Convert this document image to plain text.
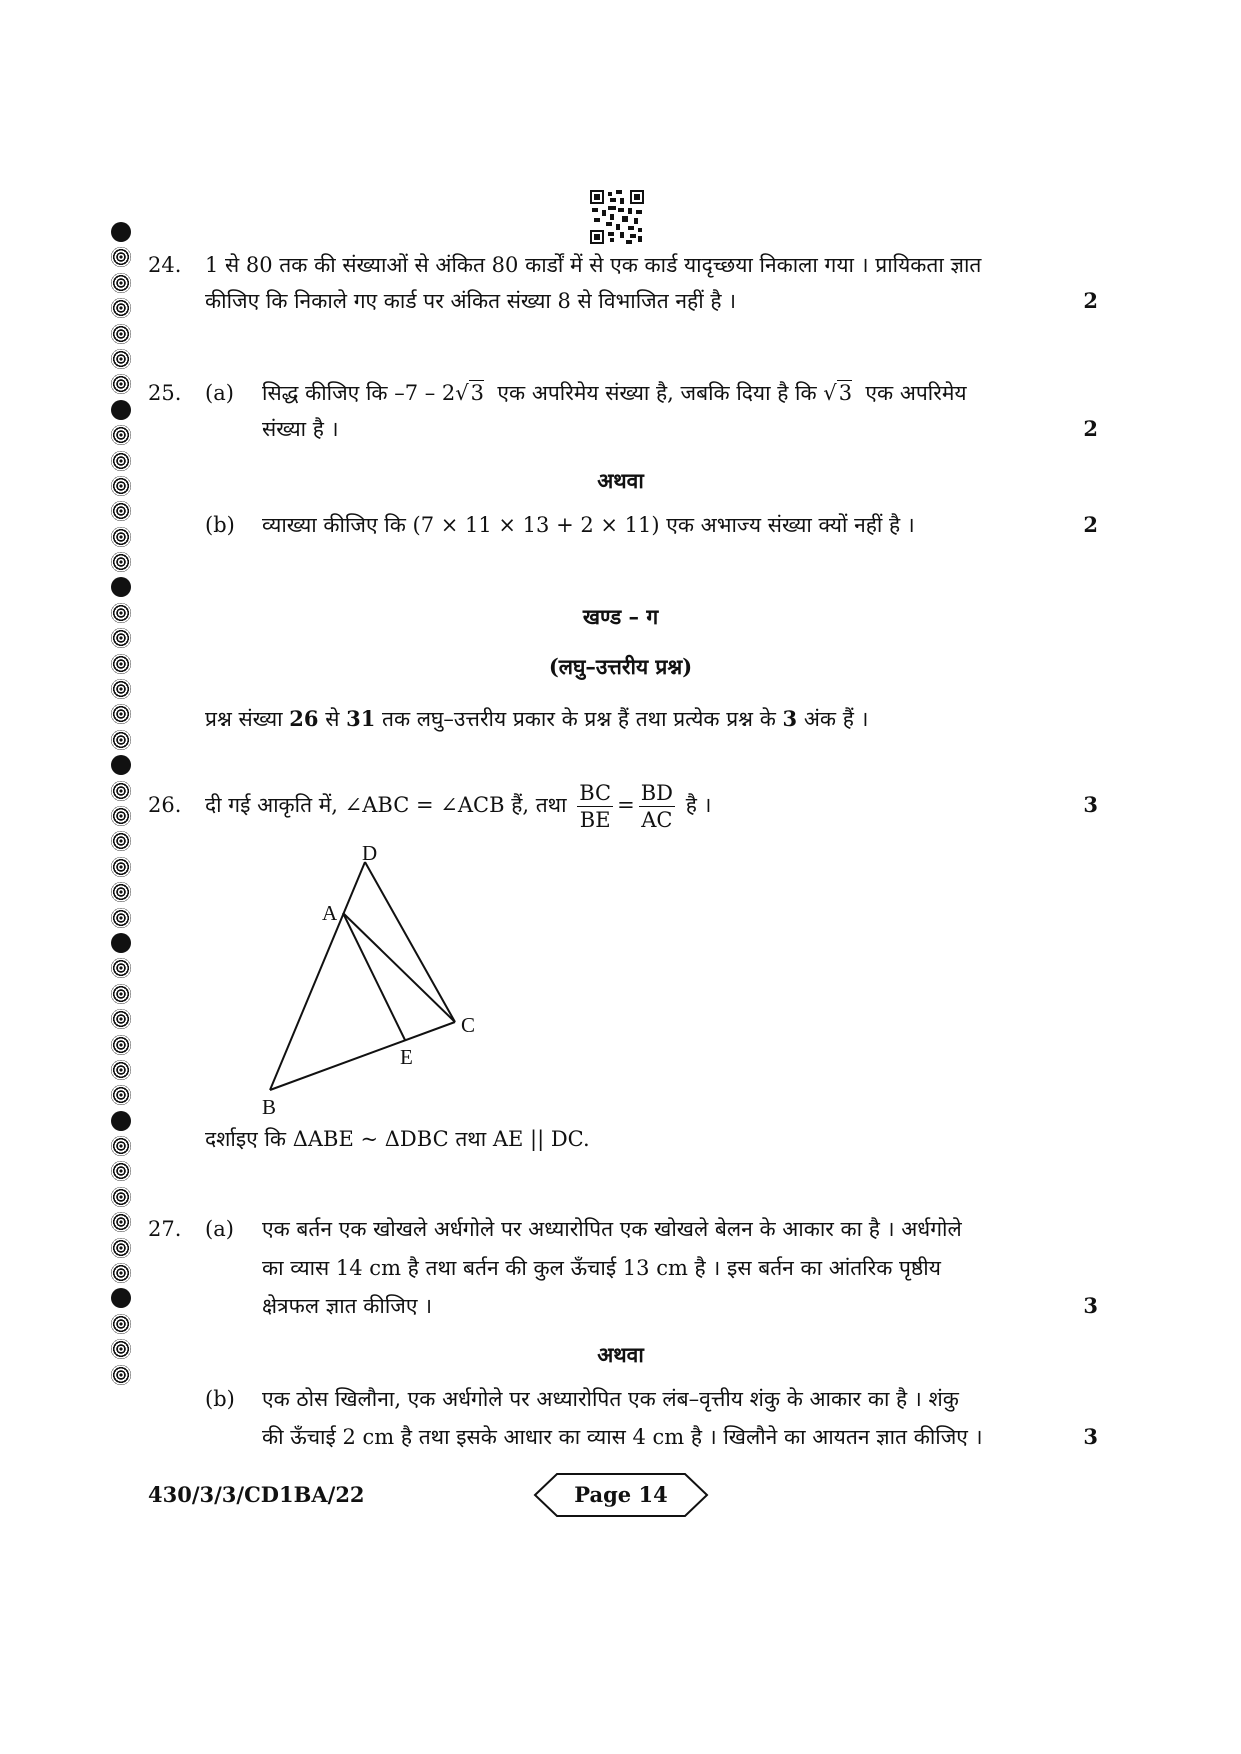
24. 1 से 80 तक की संख्याओं से अंकित 80 कार्डों में से एक कार्ड यादृच्छया निकाला गया । प्रायिकता ज्ञात
कीजिए कि निकाले गए कार्ड पर अंकित संख्या 8 से विभाजित नहीं है ।	2
25. (a) सिद्ध कीजिए कि –7 – 2√3 एक अपरिमेय संख्या है, जबकि दिया है कि √3 एक अपरिमेय
संख्या है ।	2
अथवा
(b) व्याख्या कीजिए कि (7 × 11 × 13 + 2 × 11) एक अभाज्य संख्या क्यों नहीं है ।	2
खण्ड – ग
(लघु–उत्तरीय प्रश्न)
प्रश्न संख्या 26 से 31 तक लघु–उत्तरीय प्रकार के प्रश्न हैं तथा प्रत्येक प्रश्न के 3 अंक हैं ।
26. दी गई आकृति में, ∠ABC = ∠ACB हैं, तथा $\frac{BC}{BE} = \frac{BD}{AC}$ है ।	3
D
A
C
E
B
दर्शाइए कि ΔABE ~ ΔDBC तथा AE || DC.
27. (a) एक बर्तन एक खोखले अर्धगोले पर अध्यारोपित एक खोखले बेलन के आकार का है । अर्धगोले
का व्यास 14 cm है तथा बर्तन की कुल ऊँचाई 13 cm है । इस बर्तन का आंतरिक पृष्ठीय
क्षेत्रफल ज्ञात कीजिए ।	3
अथवा
(b) एक ठोस खिलौना, एक अर्धगोले पर अध्यारोपित एक लंब–वृत्तीय शंकु के आकार का है । शंकु
की ऊँचाई 2 cm है तथा इसके आधार का व्यास 4 cm है । खिलौने का आयतन ज्ञात कीजिए ।	3
430/3/3/CD1BA/22	Page 14
